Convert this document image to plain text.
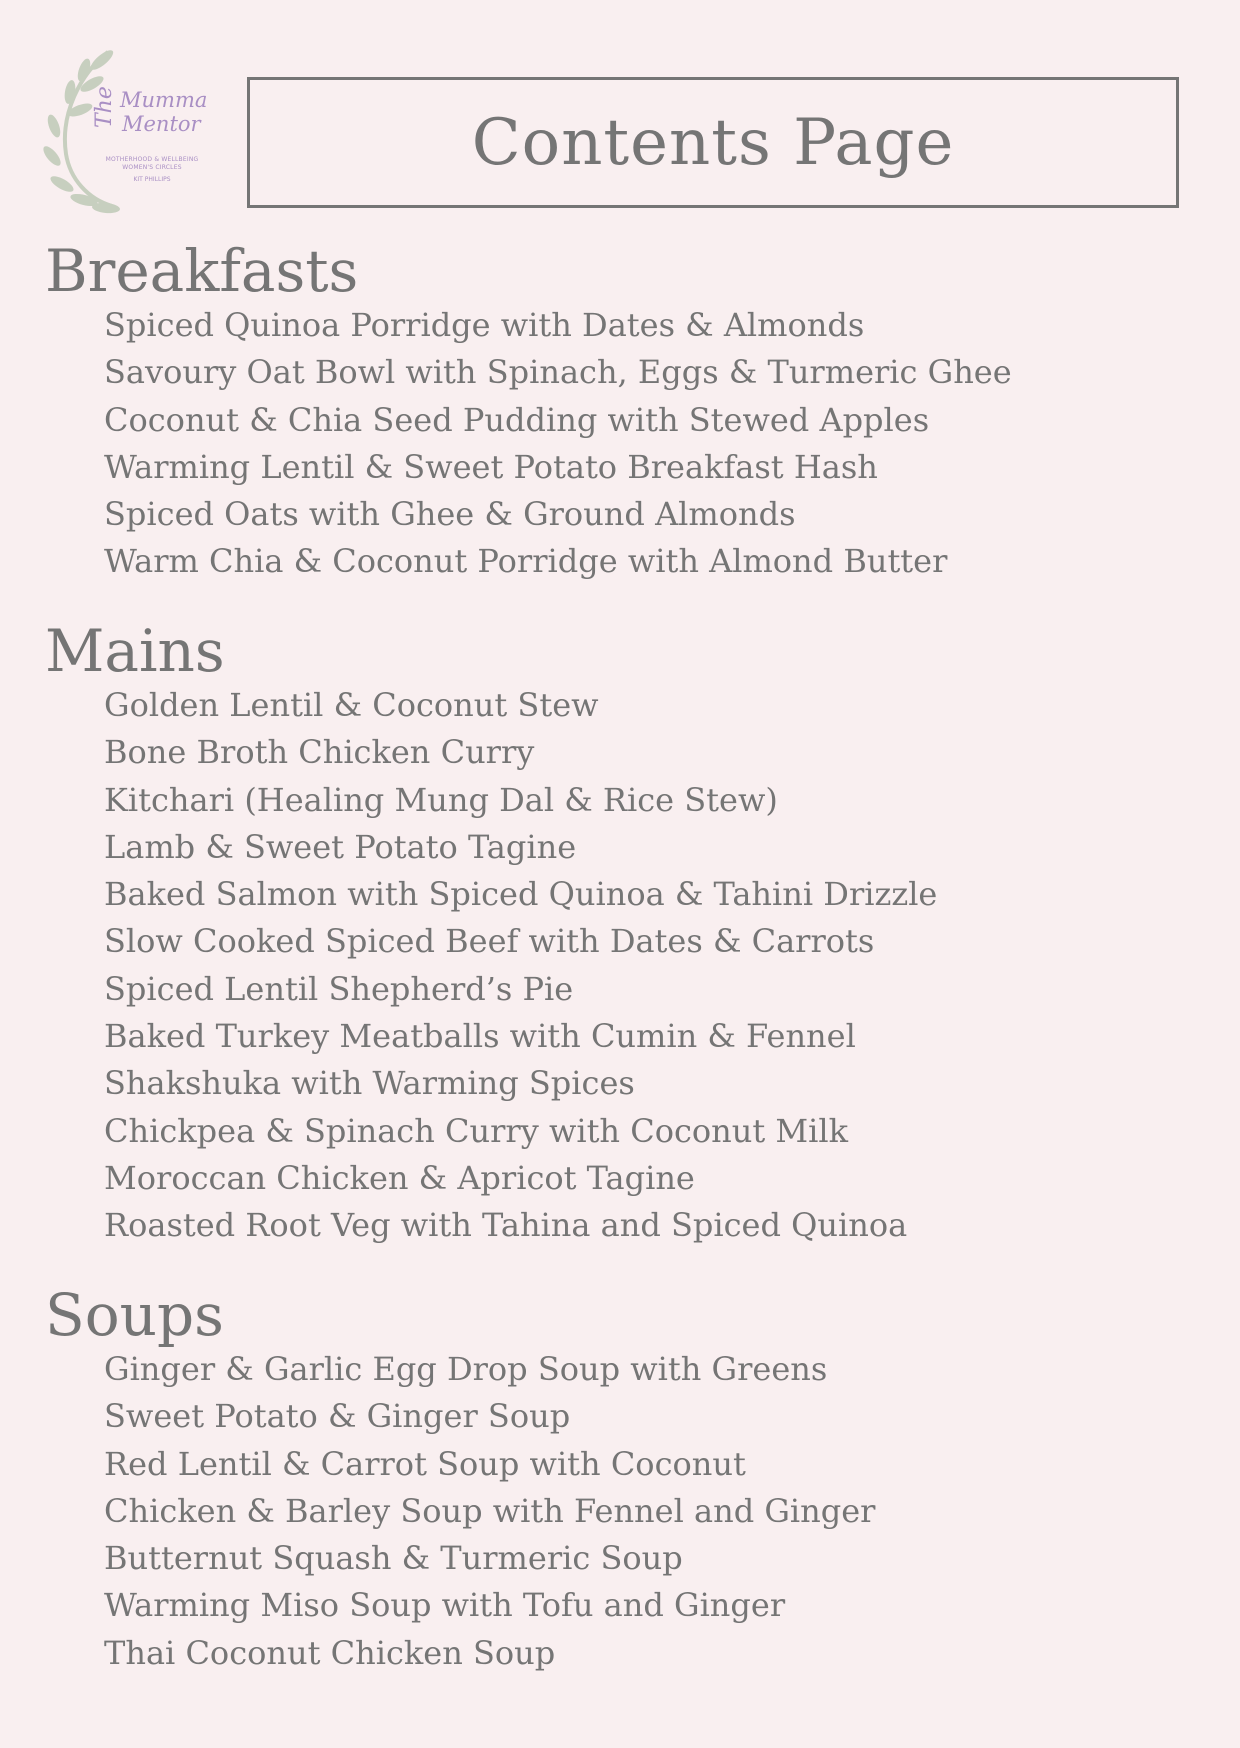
The Mumma
Mentor
MOTHERHOOD & WELLBEING
WOMEN'S CIRCLES
KIT PHILLIPS	Contents Page
Breakfasts
Spiced Quinoa Porridge with Dates & Almonds
Savoury Oat Bowl with Spinach, Eggs & Turmeric Ghee
Coconut & Chia Seed Pudding with Stewed Apples
Warming Lentil & Sweet Potato Breakfast Hash
Spiced Oats with Ghee & Ground Almonds
Warm Chia & Coconut Porridge with Almond Butter
Mains
Golden Lentil & Coconut Stew
Bone Broth Chicken Curry
Kitchari (Healing Mung Dal & Rice Stew)
Lamb & Sweet Potato Tagine
Baked Salmon with Spiced Quinoa & Tahini Drizzle
Slow Cooked Spiced Beef with Dates & Carrots
Spiced Lentil Shepherd’s Pie
Baked Turkey Meatballs with Cumin & Fennel
Shakshuka with Warming Spices
Chickpea & Spinach Curry with Coconut Milk
Moroccan Chicken & Apricot Tagine
Roasted Root Veg with Tahina and Spiced Quinoa
Soups
Ginger & Garlic Egg Drop Soup with Greens
Sweet Potato & Ginger Soup
Red Lentil & Carrot Soup with Coconut
Chicken & Barley Soup with Fennel and Ginger
Butternut Squash & Turmeric Soup
Warming Miso Soup with Tofu and Ginger
Thai Coconut Chicken Soup
